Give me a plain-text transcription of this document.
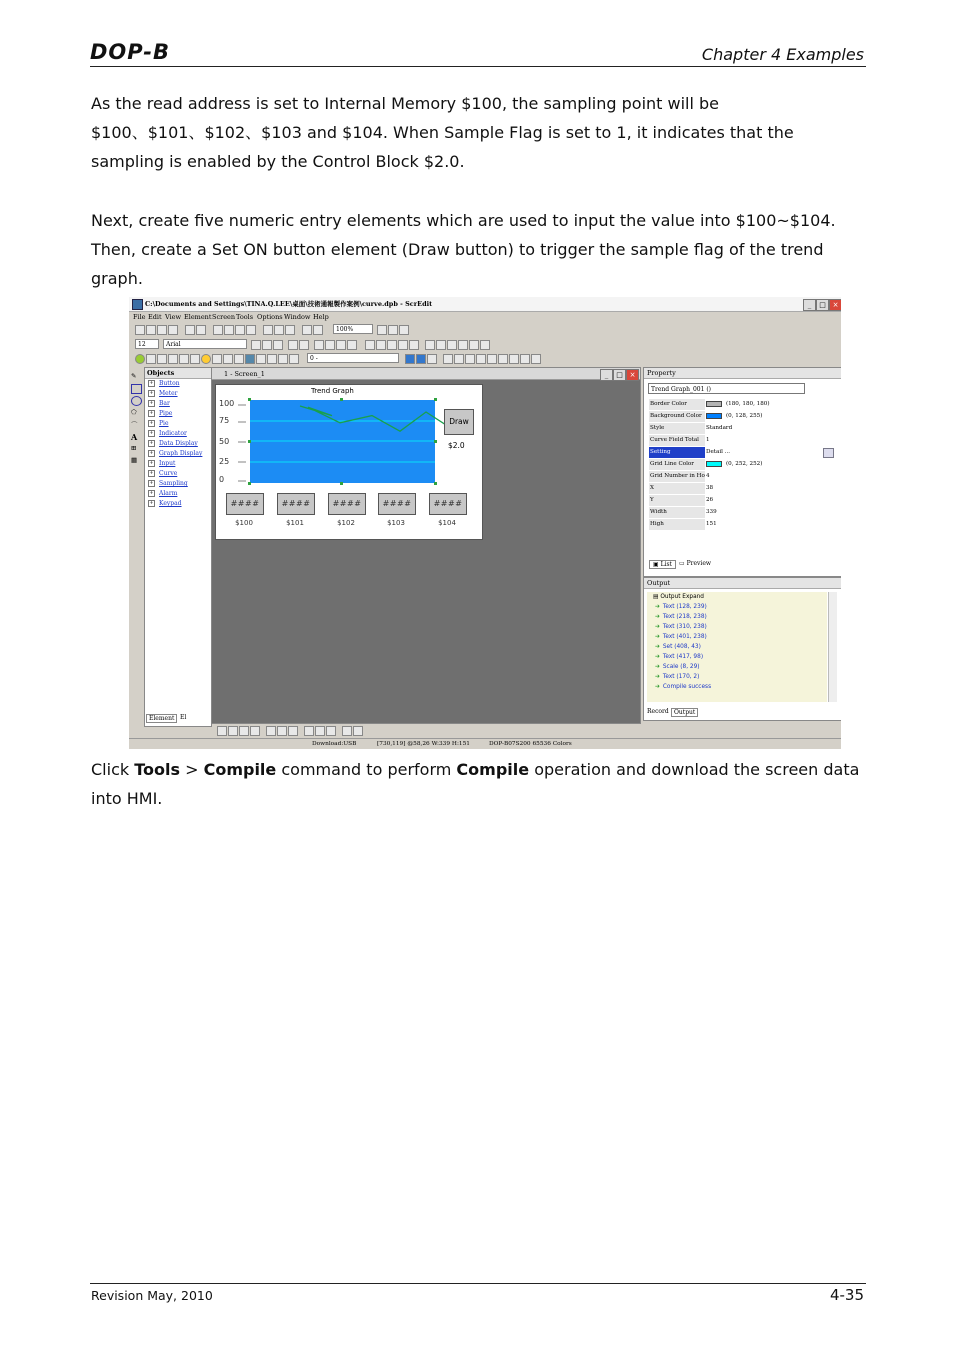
DOP-B	Chapter 4 Examples
As the read address is set to Internal Memory $100, the sampling point will be $100、$101、$102、$103 and $104. When Sample Flag is set to 1, it indicates that the sampling is enabled by the Control Block $2.0.
Next, create five numeric entry elements which are used to input the value into $100~$104. Then, create a Set ON button element (Draw button) to trigger the sample flag of the trend graph.
C:\Documents and Settings\TINA.Q.LEE\桌面\技術通報製作案例\curve.dpb - ScrEdit	_	□ ×
File Edit View Element Screen Tools Options Window Help
100%
12	Arial
0 -
✎
⬠
⌒
A
⊞
▦
Objects
+ Button
+ Meter
+ Bar
+ Pipe
+ Pie
+ Indicator
+ Data Display
+ Graph Display
+ Input
+ Curve
+ Sampling
+ Alarm
+ Keypad
Element El
1 - Screen_1	_	□ ×
Trend Graph
100
75
50
25
0
Draw
$2.0
####	####	####	####	####
$100	$101	$102	$103	$104
Property
Trend Graph_001 ()
Border Color	(180, 180, 180)
Background Color	(0, 128, 255)
Style	Standard
Curve Field Total	1
Setting	Detail ...
Grid Line Color	(0, 252, 252)
Grid Number in Ho 4
X	38
Y	26
Width	339
High	151
▣ List	▭ Preview
Output
▤ Output Expand
➔ Text (128, 239)
➔ Text (218, 238)
➔ Text (310, 238)
➔ Text (401, 238)
➔ Set (408, 43)
➔ Text (417, 98)
➔ Scale (8, 29)
➔ Text (170, 2)
➔ Compile success
Record Output
Download:USB	[730,119] @58,26 W:339 H:151	DOP-B07S200 65536 Colors
Click Tools > Compile command to perform Compile operation and download the screen data into HMI.
Revision May, 2010	4-35
